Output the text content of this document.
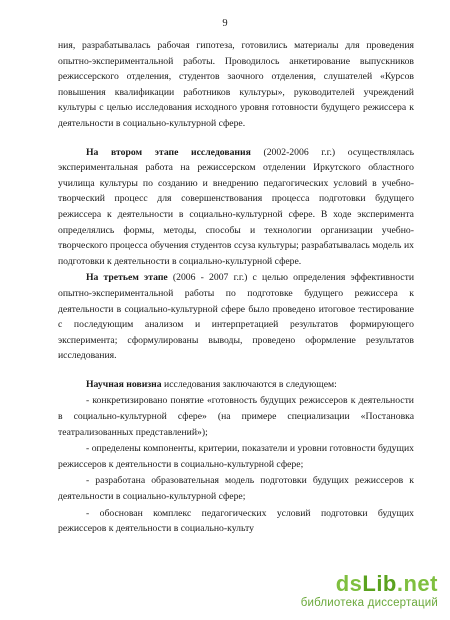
9

ния, разрабатывалась рабочая гипотеза, готовились материалы для проведения опытно-экспериментальной работы. Проводилось анкетирование выпускников режиссерского отделения, студентов заочного отделения, слушателей «Курсов повышения квалификации работников культуры», руководителей учреждений культуры с целью исследования исходного уровня готовности будущего режиссера к деятельности в социально-культурной сфере.

На втором этапе исследования (2002-2006 г.г.) осуществлялась экспериментальная работа на режиссерском отделении Иркутского областного училища культуры по созданию и внедрению педагогических условий в учебно-творческий процесс для совершенствования процесса подготовки будущего режиссера к деятельности в социально-культурной сфере. В ходе эксперимента определялись формы, методы, способы и технологии организации учебно-творческого процесса обучения студентов ссуза культуры; разрабатывалась модель их подготовки к деятельности в социально-культурной сфере.

На третьем этапе (2006 - 2007 г.г.) с целью определения эффективности опытно-экспериментальной работы по подготовке будущего режиссера к деятельности в социально-культурной сфере было проведено итоговое тестирование с последующим анализом и интерпретацией результатов формирующего эксперимента; сформулированы выводы, проведено оформление результатов исследования.

Научная новизна исследования заключаются в следующем:

- конкретизировано понятие «готовность будущих режиссеров к деятельности в социально-культурной сфере» (на примере специализации «Постановка театрализованных представлений»);

- определены компоненты, критерии, показатели и уровни готовности будущих режиссеров к деятельности в социально-культурной сфере;

- разработана образовательная модель подготовки будущих режиссеров к деятельности в социально-культурной сфере;

- обоснован комплекс педагогических условий подготовки будущих режиссеров к деятельности в социально-культу

dsLib.net
библиотека диссертаций
